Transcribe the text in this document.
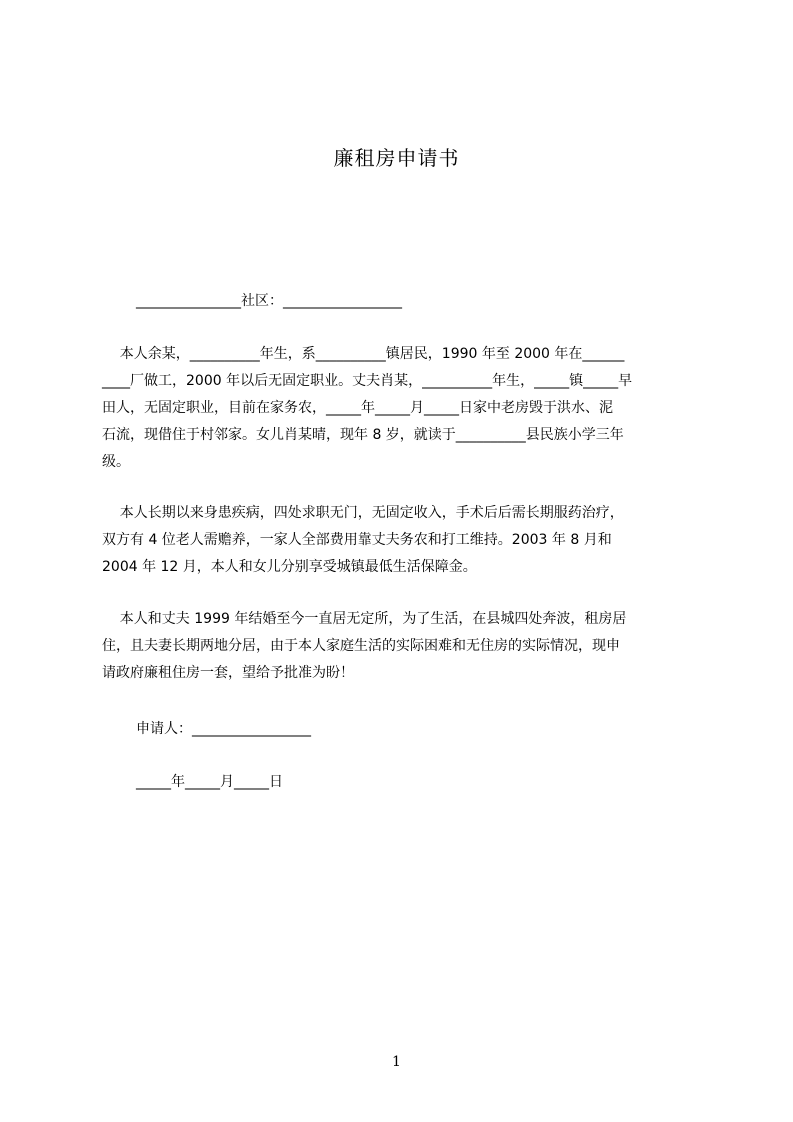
廉租房申请书
_______________社区：_________________
本人余某，__________年生，系__________镇居民，1990 年至 2000 年在______
____厂做工，2000 年以后无固定职业。丈夫肖某，__________年生，_____镇_____早
田人，无固定职业，目前在家务农，_____年_____月_____日家中老房毁于洪水、泥
石流，现借住于村邻家。女儿肖某晴，现年 8 岁，就读于__________县民族小学三年
级。
本人长期以来身患疾病，四处求职无门，无固定收入，手术后后需长期服药治疗，
双方有 4 位老人需赡养，一家人全部费用靠丈夫务农和打工维持。2003 年 8 月和
2004 年 12 月，本人和女儿分别享受城镇最低生活保障金。
本人和丈夫 1999 年结婚至今一直居无定所，为了生活，在县城四处奔波，租房居
住，且夫妻长期两地分居，由于本人家庭生活的实际困难和无住房的实际情况，现申
请政府廉租住房一套，望给予批准为盼！
申请人：_________________
_____年_____月_____日
1
